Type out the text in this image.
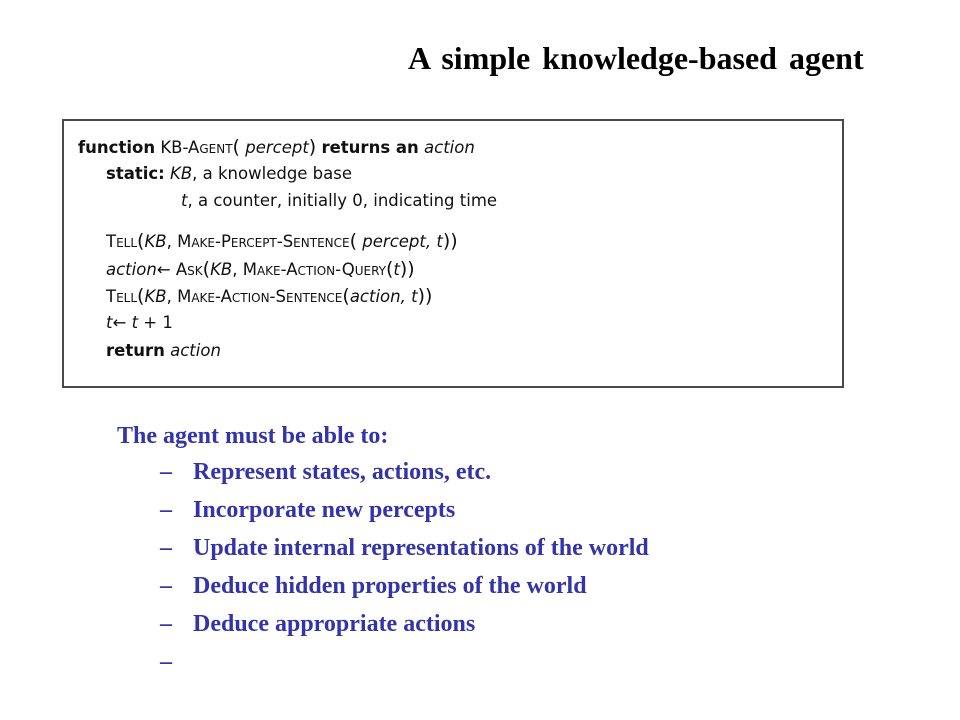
A simple knowledge-based agent
function KB-Agent( percept) returns an action
static: KB, a knowledge base
t, a counter, initially 0, indicating time
Tell(KB, Make-Percept-Sentence( percept, t))
action← Ask(KB, Make-Action-Query(t))
Tell(KB, Make-Action-Sentence(action, t))
t← t + 1
return action
The agent must be able to:
– Represent states, actions, etc.
– Incorporate new percepts
– Update internal representations of the world
– Deduce hidden properties of the world
– Deduce appropriate actions
–
